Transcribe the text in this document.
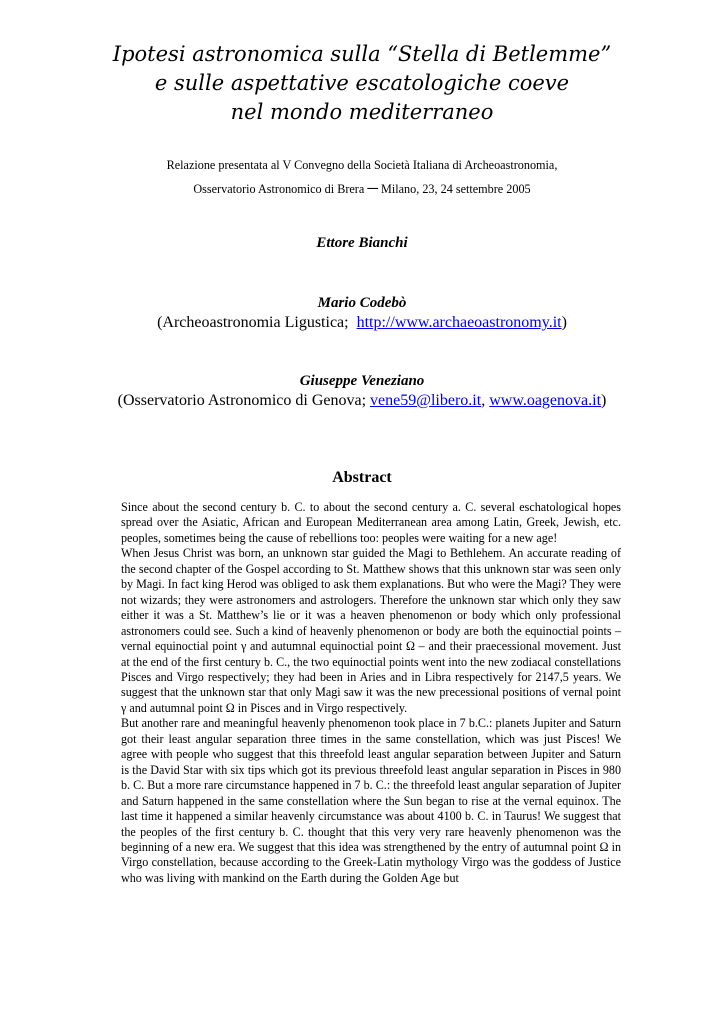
Ipotesi astronomica sulla “Stella di Betlemme”
e sulle aspettative escatologiche coeve
nel mondo mediterraneo
Relazione presentata al V Convegno della Società Italiana di Archeoastronomia,
Osservatorio Astronomico di Brera ─ Milano, 23, 24 settembre 2005
Ettore Bianchi
Mario Codebò
(Archeoastronomia Ligustica;  http://www.archaeoastronomy.it)
Giuseppe Veneziano
(Osservatorio Astronomico di Genova; vene59@libero.it, www.oagenova.it)
Abstract

Since about the second century b. C. to about the second century a. C. several eschatological hopes spread over the Asiatic, African and European Mediterranean area among Latin, Greek, Jewish, etc. peoples, sometimes being the cause of rebellions too: peoples were waiting for a new age!

When Jesus Christ was born, an unknown star guided the Magi to Bethlehem. An accurate reading of the second chapter of the Gospel according to St. Matthew shows that this unknown star was seen only by Magi. In fact king Herod was obliged to ask them explanations. But who were the Magi? They were not wizards; they were astronomers and astrologers. Therefore the unknown star which only they saw either it was a St. Matthew’s lie or it was a heaven phenomenon or body which only professional astronomers could see. Such a kind of heavenly phenomenon or body are both the equinoctial points – vernal equinoctial point γ and autumnal equinoctial point Ω – and their praecessional movement. Just at the end of the first century b. C., the two equinoctial points went into the new zodiacal constellations Pisces and Virgo respectively; they had been in Aries and in Libra respectively for 2147,5 years. We suggest that the unknown star that only Magi saw it was the new precessional positions of vernal point γ and autumnal point Ω in Pisces and in Virgo respectively.

But another rare and meaningful heavenly phenomenon took place in 7 b.C.: planets Jupiter and Saturn got their least angular separation three times in the same constellation, which was just Pisces! We agree with people who suggest that this threefold least angular separation between Jupiter and Saturn is the David Star with six tips which got its previous threefold least angular separation in Pisces in 980 b. C. But a more rare circumstance happened in 7 b. C.: the threefold least angular separation of Jupiter and Saturn happened in the same constellation where the Sun began to rise at the vernal equinox. The last time it happened a similar heavenly circumstance was about 4100 b. C. in Taurus! We suggest that the peoples of the first century b. C. thought that this very very rare heavenly phenomenon was the beginning of a new era. We suggest that this idea was strengthened by the entry of autumnal point Ω in Virgo constellation, because according to the Greek-Latin mythology Virgo was the goddess of Justice who was living with mankind on the Earth during the Golden Age but
